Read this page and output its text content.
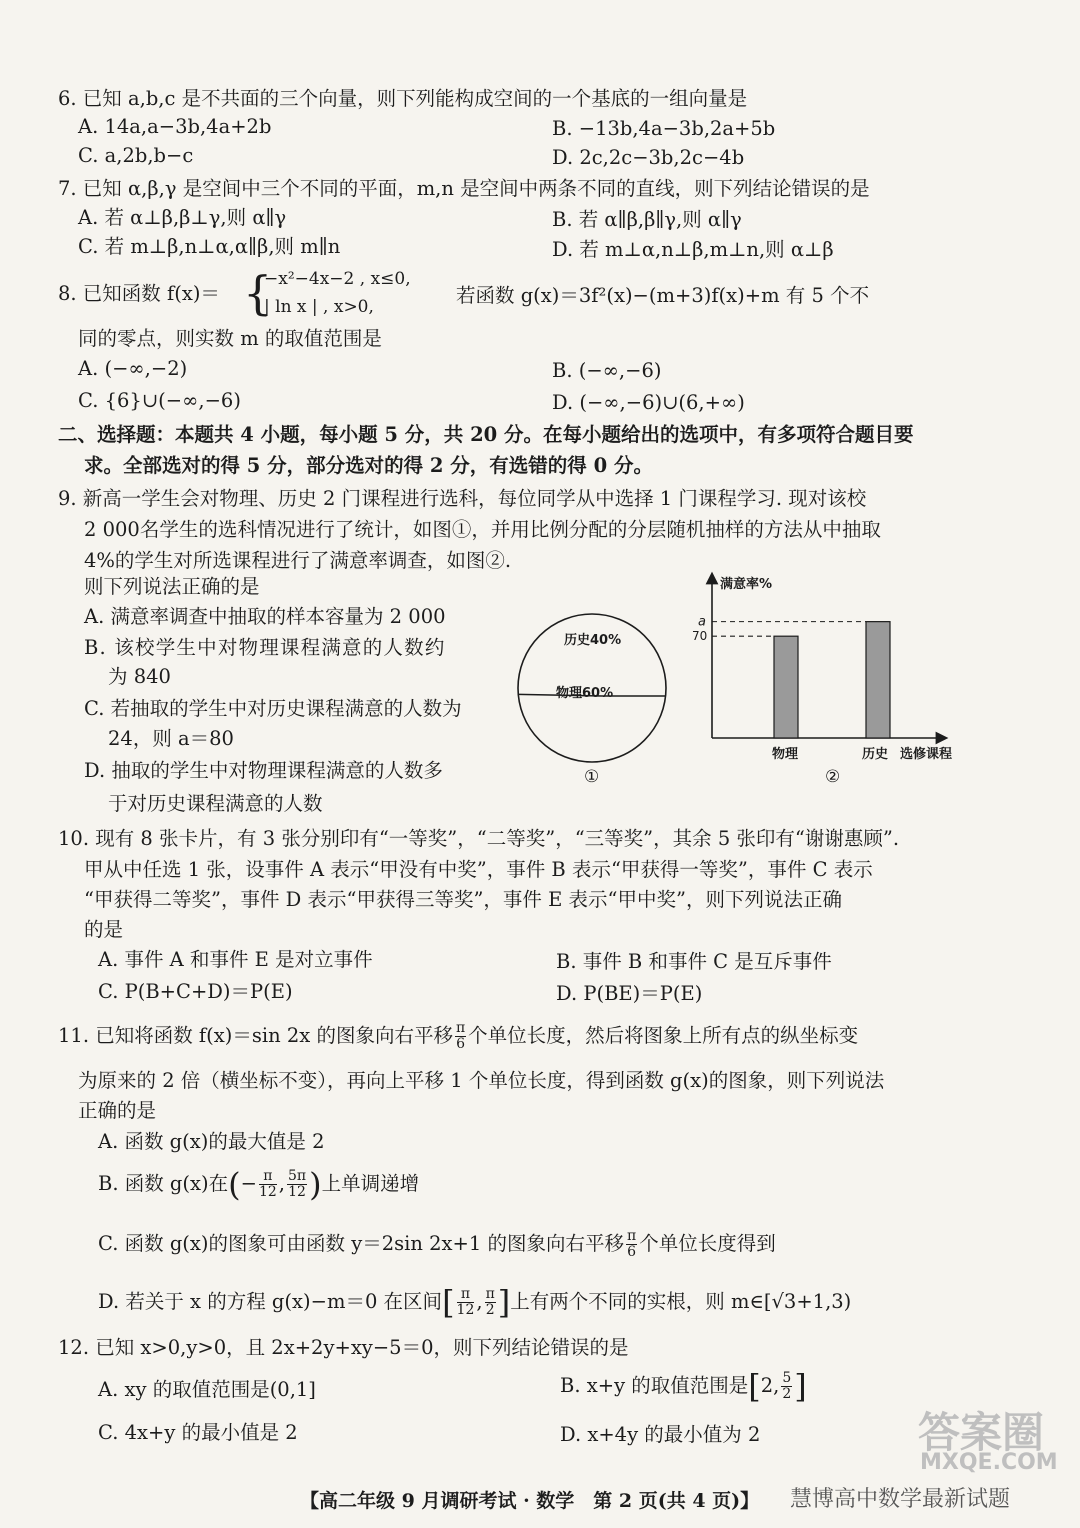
6. 已知 a,b,c 是不共面的三个向量，则下列能构成空间的一个基底的一组向量是
A. 14a,a−3b,4a+2b	B. −13b,4a−3b,2a+5b
C. a,2b,b−c	D. 2c,2c−3b,2c−4b
7. 已知 α,β,γ 是空间中三个不同的平面，m,n 是空间中两条不同的直线，则下列结论错误的是
A. 若 α⊥β,β⊥γ,则 α∥γ	B. 若 α∥β,β∥γ,则 α∥γ
C. 若 m⊥β,n⊥α,α∥β,则 m∥n	D. 若 m⊥α,n⊥β,m⊥n,则 α⊥β
8. 已知函数 f(x)＝ {
−x²−4x−2 , x≤0,
| ln x | , x>0,	若函数 g(x)＝3f²(x)−(m+3)f(x)+m 有 5 个不
同的零点，则实数 m 的取值范围是
A. (−∞,−2)	B. (−∞,−6)
C. {6}∪(−∞,−6)	D. (−∞,−6)∪(6,+∞)
二、选择题：本题共 4 小题，每小题 5 分，共 20 分。在每小题给出的选项中，有多项符合题目要
求。全部选对的得 5 分，部分选对的得 2 分，有选错的得 0 分。
9. 新高一学生会对物理、历史 2 门课程进行选科，每位同学从中选择 1 门课程学习. 现对该校
2 000名学生的选科情况进行了统计，如图①，并用比例分配的分层随机抽样的方法从中抽取
4%的学生对所选课程进行了满意率调查，如图②.
则下列说法正确的是
A. 满意率调查中抽取的样本容量为 2 000
B. 该校学生中对物理课程满意的人数约
为 840
C. 若抽取的学生中对历史课程满意的人数为
24，则 a＝80
D. 抽取的学生中对物理课程满意的人数多
于对历史课程满意的人数
历史40%
物理60%
①
满意率%
选修课程
a
70
物理	历史
②
10. 现有 8 张卡片，有 3 张分别印有“一等奖”，“二等奖”，“三等奖”，其余 5 张印有“谢谢惠顾”.
甲从中任选 1 张，设事件 A 表示“甲没有中奖”，事件 B 表示“甲获得一等奖”，事件 C 表示
“甲获得二等奖”，事件 D 表示“甲获得三等奖”，事件 E 表示“甲中奖”，则下列说法正确
的是
A. 事件 A 和事件 E 是对立事件	B. 事件 B 和事件 C 是互斥事件
C. P(B+C+D)＝P(E)	D. P(BE)＝P(E)
11. 已知将函数 f(x)＝sin 2x 的图象向右平移 $\frac{\pi}{6}$ 个单位长度，然后将图象上所有点的纵坐标变
为原来的 2 倍（横坐标不变），再向上平移 1 个单位长度，得到函数 g(x)的图象，则下列说法
正确的是
A. 函数 g(x)的最大值是 2
B. 函数 g(x)在(− $\frac{\pi}{12}$ , $\frac{5\pi}{12}$ )上单调递增
C. 函数 g(x)的图象可由函数 y＝2sin 2x+1 的图象向右平移 $\frac{\pi}{6}$ 个单位长度得到
D. 若关于 x 的方程 g(x)−m＝0 在区间[ $\frac{\pi}{12}$ , $\frac{\pi}{2}$ ]上有两个不同的实根，则 m∈[√3+1,3)
12. 已知 x>0,y>0，且 2x+2y+xy−5＝0，则下列结论错误的是
A. xy 的取值范围是(0,1]	B. x+y 的取值范围是[2, $\frac{5}{2}$ ]
C. 4x+y 的最小值是 2	D. x+4y 的最小值为 2
【高二年级 9 月调研考试 · 数学　第 2 页(共 4 页)】
答案圈
慧博高中数学最新试题
MXQE.COM
